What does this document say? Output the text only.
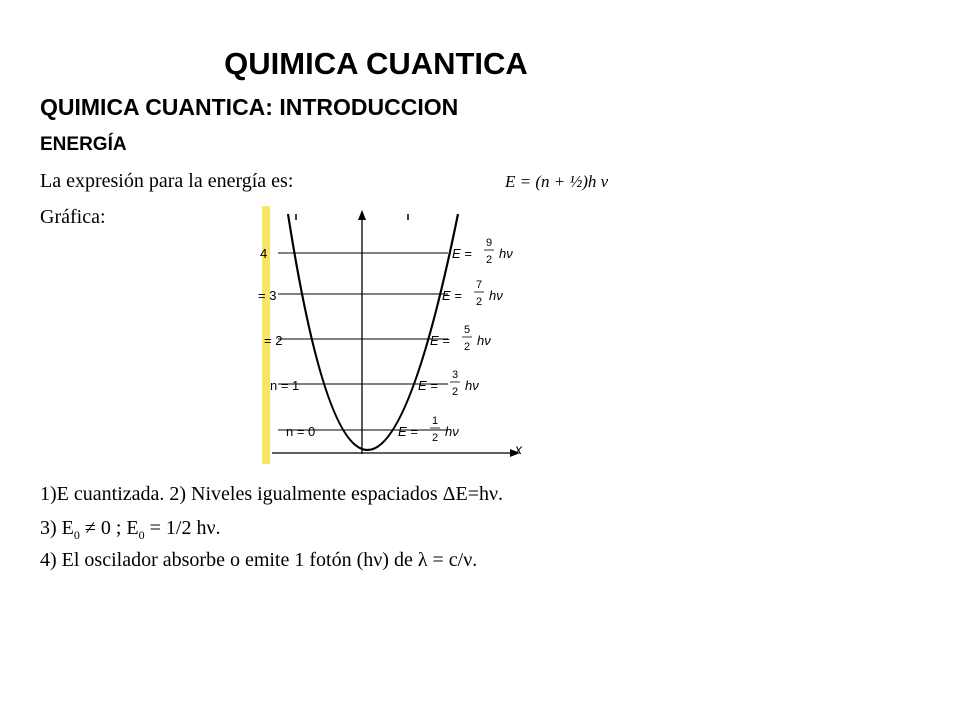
QUIMICA CUANTICA
QUIMICA CUANTICA: INTRODUCCION
ENERGÍA
La expresión para la energía es:	E = (n + ½)h ν
Gráfica:
x
n = 0
n = 1
= 2
= 3
4
E =
1
2 hν
E =
3
2 hν
E =
5
2 hν
E =
7
2 hν
E =
9
2 hν
1)E cuantizada. 2) Niveles igualmente espaciados ΔE=hν.
3) $E_0 \ne 0$ ; $E_0 = 1/2$ hν.
4) El oscilador absorbe o emite 1 fotón (hν) de λ = c/ν.
